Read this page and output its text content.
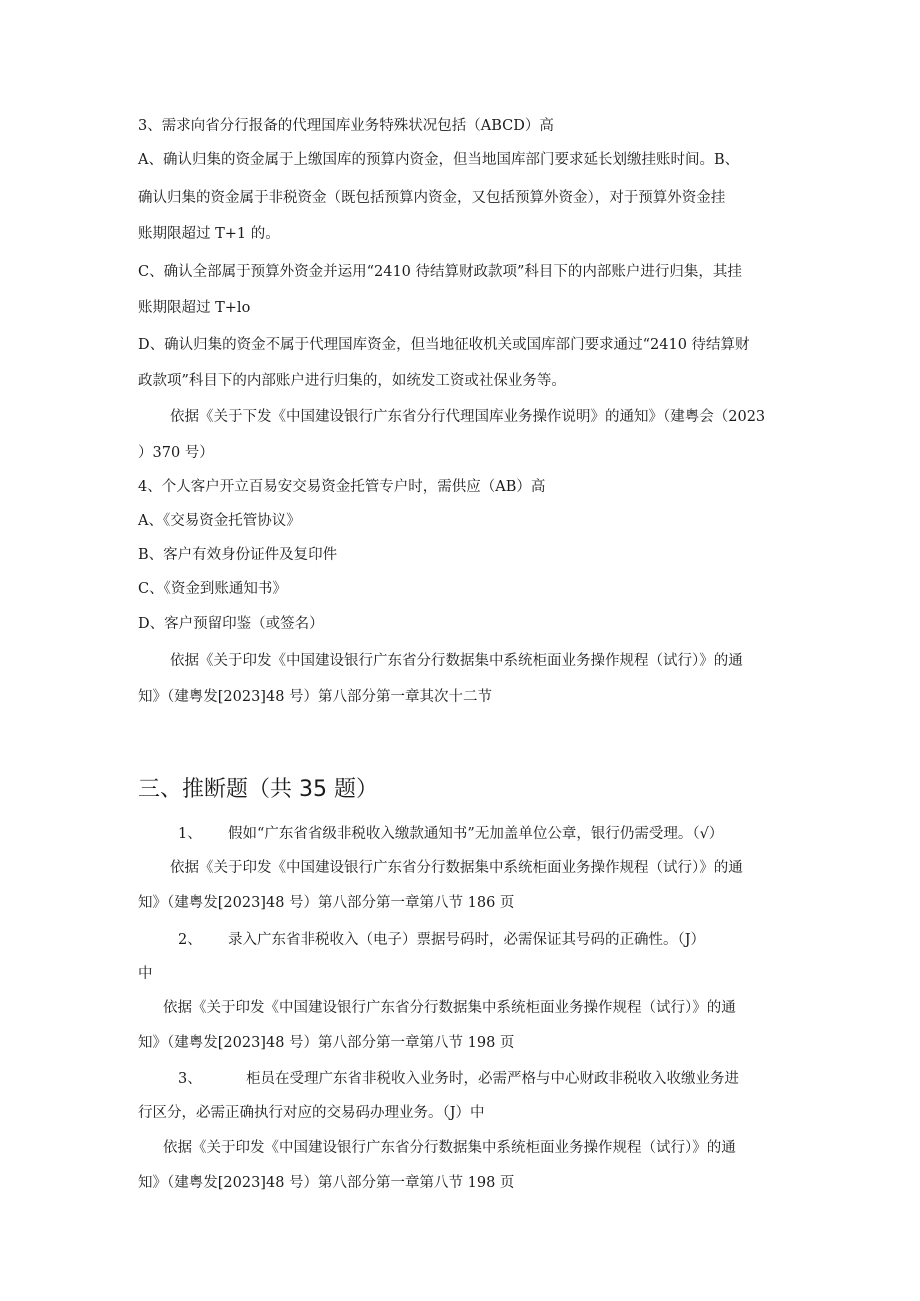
3、需求向省分行报备的代理国库业务特殊状况包括（ABCD）高
A、确认归集的资金属于上缴国库的预算内资金，但当地国库部门要求延长划缴挂账时间。B、
确认归集的资金属于非税资金（既包括预算内资金，又包括预算外资金），对于预算外资金挂
账期限超过 T+1 的。
C、确认全部属于预算外资金并运用“2410 待结算财政款项”科目下的内部账户进行归集，其挂
账期限超过 T+lo
D、确认归集的资金不属于代理国库资金，但当地征收机关或国库部门要求通过“2410 待结算财
政款项”科目下的内部账户进行归集的，如统发工资或社保业务等。
依据《关于下发《中国建设银行广东省分行代理国库业务操作说明》的通知》（建粤会（2023
）370 号）
4、个人客户开立百易安交易资金托管专户时，需供应（AB）高
A、《交易资金托管协议》
B、客户有效身份证件及复印件
C、《资金到账通知书》
D、客户预留印鉴（或签名）
依据《关于印发《中国建设银行广东省分行数据集中系统柜面业务操作规程（试行）》的通
知》（建粤发[2023]48 号）第八部分第一章其次十二节
三、推断题（共 35 题）
1、 假如“广东省省级非税收入缴款通知书”无加盖单位公章，银行仍需受理。（√）
依据《关于印发《中国建设银行广东省分行数据集中系统柜面业务操作规程（试行）》的通
知》（建粤发[2023]48 号）第八部分第一章第八节 186 页
2、 录入广东省非税收入（电子）票据号码时，必需保证其号码的正确性。（J）
中
依据《关于印发《中国建设银行广东省分行数据集中系统柜面业务操作规程（试行）》的通
知》（建粤发[2023]48 号）第八部分第一章第八节 198 页
3、	柜员在受理广东省非税收入业务时，必需严格与中心财政非税收入收缴业务进
行区分，必需正确执行对应的交易码办理业务。（J）中
依据《关于印发《中国建设银行广东省分行数据集中系统柜面业务操作规程（试行）》的通
知》（建粤发[2023]48 号）第八部分第一章第八节 198 页
